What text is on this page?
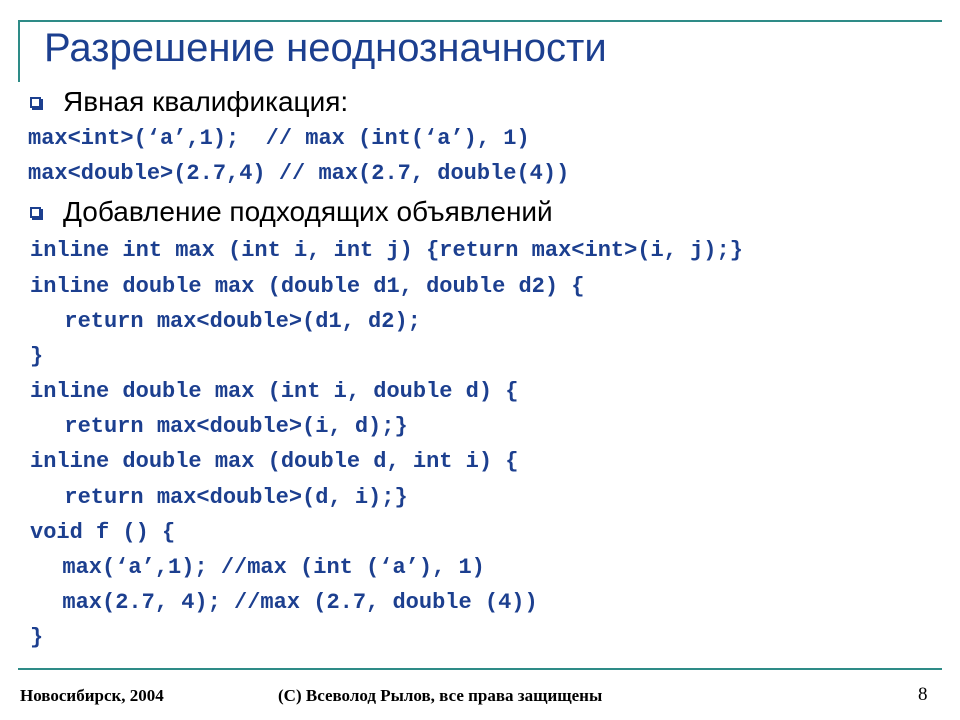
Разрешение неоднозначности
Явная квалификация:
max<int>(‘a’,1);  // max (int(‘a’), 1)
max<double>(2.7,4) // max(2.7, double(4))
Добавление подходящих объявлений
inline int max (int i, int j) {return max<int>(i, j);}
inline double max (double d1, double d2) {
return max<double>(d1, d2);
}
inline double max (int i, double d) {
return max<double>(i, d);}
inline double max (double d, int i) {
return max<double>(d, i);}
void f () {
max(‘a’,1); //max (int (‘a’), 1)
max(2.7, 4); //max (2.7, double (4))
}
Новосибирск, 2004	(C) Всеволод Рылов, все права защищены	8
